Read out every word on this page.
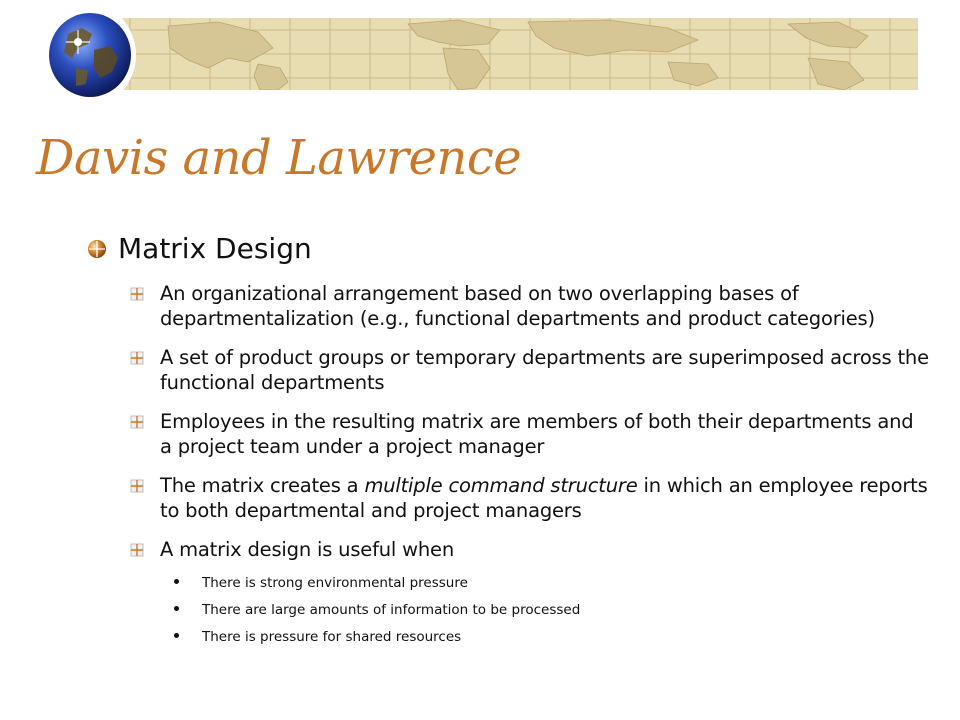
Davis and Lawrence
Matrix Design
An organizational arrangement based on two overlapping bases of departmentalization (e.g., functional departments and product categories)
A set of product groups or temporary departments are superimposed across the functional departments
Employees in the resulting matrix are members of both their departments and a project team under a project manager
The matrix creates a multiple command structure in which an employee reports to both departmental and project managers
A matrix design is useful when
There is strong environmental pressure
There are large amounts of information to be processed
There is pressure for shared resources
